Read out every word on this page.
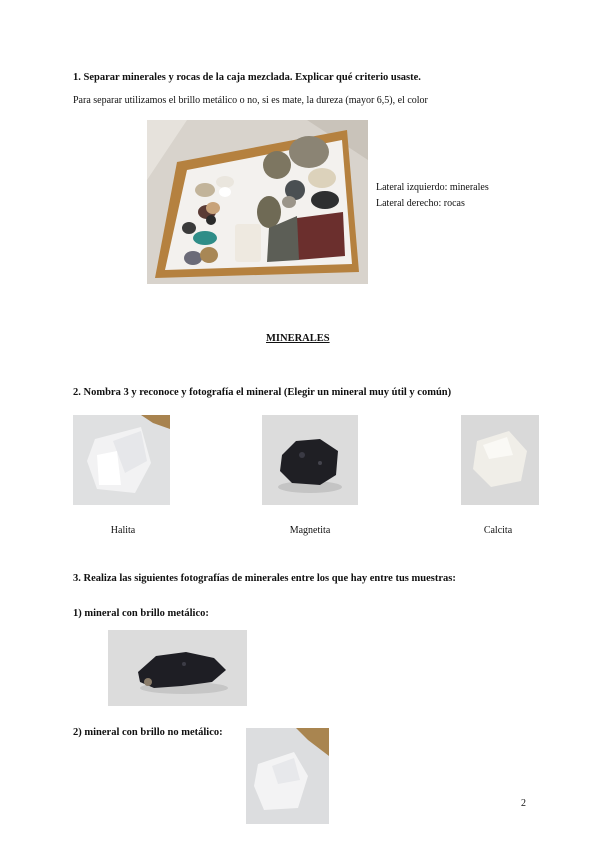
1. Separar minerales y rocas de la caja mezclada. Explicar qué criterio usaste.
Para separar utilizamos el brillo metálico o no, si es mate, la dureza (mayor 6,5), el color
Lateral izquierdo: minerales
Lateral derecho: rocas
MINERALES
2. Nombra 3 y reconoce y fotografía el mineral (Elegir un mineral muy útil y común)
Halita	Magnetita	Calcita
3. Realiza las siguientes fotografías de minerales entre los que hay entre tus muestras:
1) mineral con brillo metálico:
2) mineral con brillo no metálico:
2
